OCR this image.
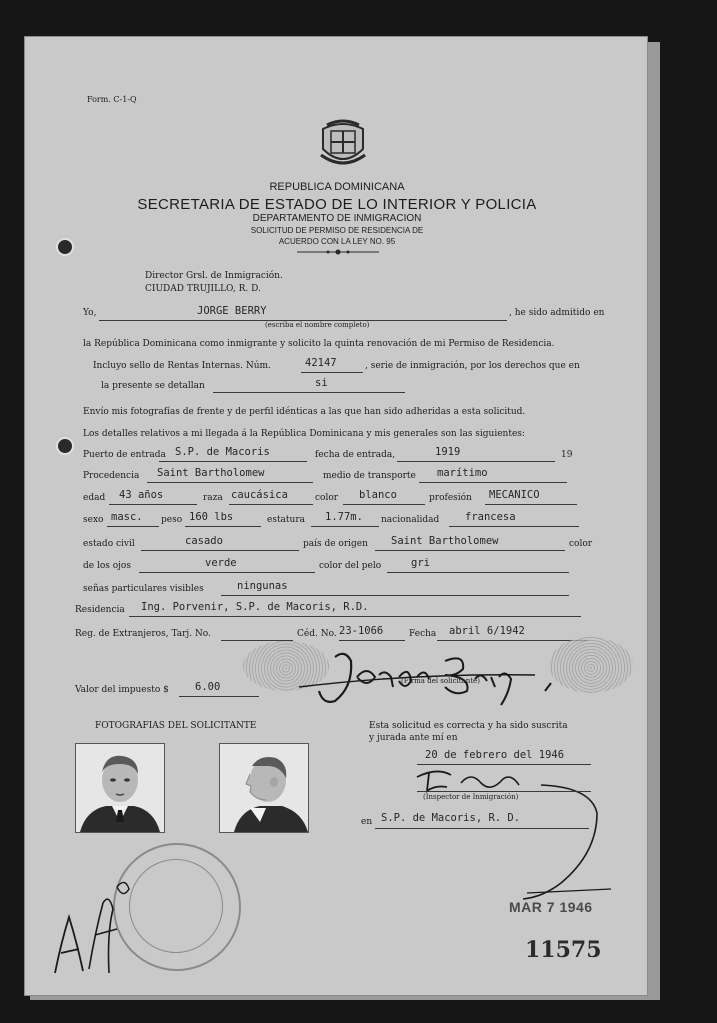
Form. C-1-Q
REPUBLICA DOMINICANA
SECRETARIA DE ESTADO DE LO INTERIOR Y POLICIA
DEPARTAMENTO DE INMIGRACION
SOLICITUD DE PERMISO DE RESIDENCIA DE
ACUERDO CON LA LEY NO. 95
Director Grsl. de Inmigración.
CIUDAD TRUJILLO, R. D.
Yo,	JORGE BERRY	, he sido admitido en
(escriba el nombre completo)
la República Dominicana como inmigrante y solicito la quinta renovación de mi Permiso de Residencia.
Incluyo sello de Rentas Internas. Núm.	42147	, serie de inmigración, por los derechos que en
la presente se detallan	si
Envío mis fotografías de frente y de perfil idénticas a las que han sido adheridas a esta solicitud.
Los detalles relativos a mi llegada á la República Dominicana y mis generales son las siguientes:
Puerto de entrada S.P. de Macoris	fecha de entrada,	1919	19
Procedencia Saint Bartholomew	medio de transporte marítimo
edad 43 años	raza caucásica	color blanco	profesión MECANICO
sexo masc. peso 160 lbs	estatura 1.77m. nacionalidad francesa
estado civil	casado	país de origen Saint Bartholomew	color
de los ojos	verde	color del pelo	gri
señas particulares visibles	ningunas
Residencia Ing. Porvenir, S.P. de Macoris, R.D.
Reg. de Extranjeros, Tarj. No.	Céd. No. 23-1066	Fecha abril 6/1942
(Firma del solicitante)
Valor del impuesto $ 6.00
FOTOGRAFIAS DEL SOLICITANTE	Esta solicitud es correcta y ha sido suscrita
y jurada ante mí en
20 de febrero del 1946
(Inspector de Inmigración)
en S.P. de Macoris, R. D.
MAR 7 1946
11575
